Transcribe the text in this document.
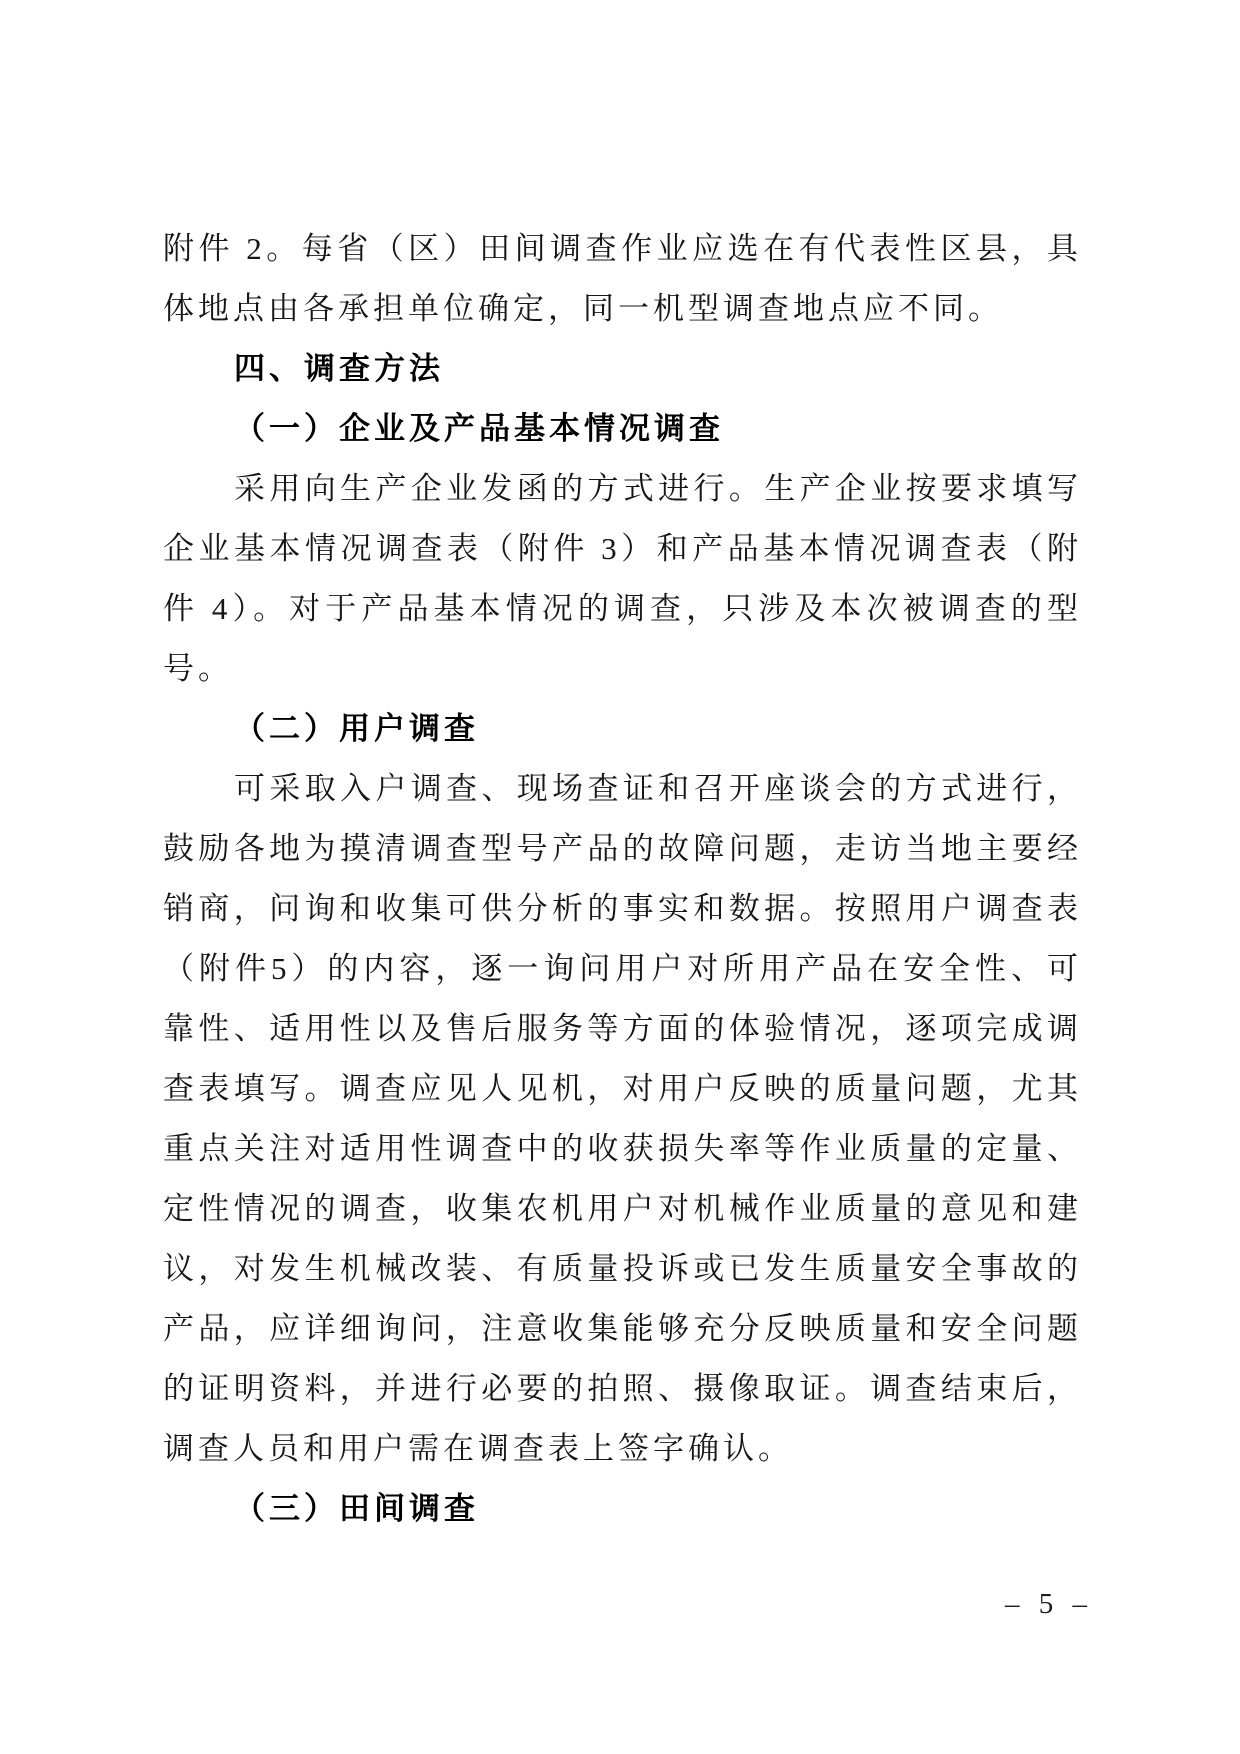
附件 2。每省（区）田间调查作业应选在有代表性区县，具体地点由各承担单位确定，同一机型调查地点应不同。

四、调查方法
（一）企业及产品基本情况调查

采用向生产企业发函的方式进行。生产企业按要求填写企业基本情况调查表（附件 3）和产品基本情况调查表（附件 4）。对于产品基本情况的调查，只涉及本次被调查的型号。

（二）用户调查

可采取入户调查、现场查证和召开座谈会的方式进行，鼓励各地为摸清调查型号产品的故障问题，走访当地主要经销商，问询和收集可供分析的事实和数据。按照用户调查表（附件5）的内容，逐一询问用户对所用产品在安全性、可靠性、适用性以及售后服务等方面的体验情况，逐项完成调查表填写。调查应见人见机，对用户反映的质量问题，尤其重点关注对适用性调查中的收获损失率等作业质量的定量、定性情况的调查，收集农机用户对机械作业质量的意见和建议，对发生机械改装、有质量投诉或已发生质量安全事故的产品，应详细询问，注意收集能够充分反映质量和安全问题的证明资料，并进行必要的拍照、摄像取证。调查结束后，调查人员和用户需在调查表上签字确认。

（三）田间调查
– 5 –
